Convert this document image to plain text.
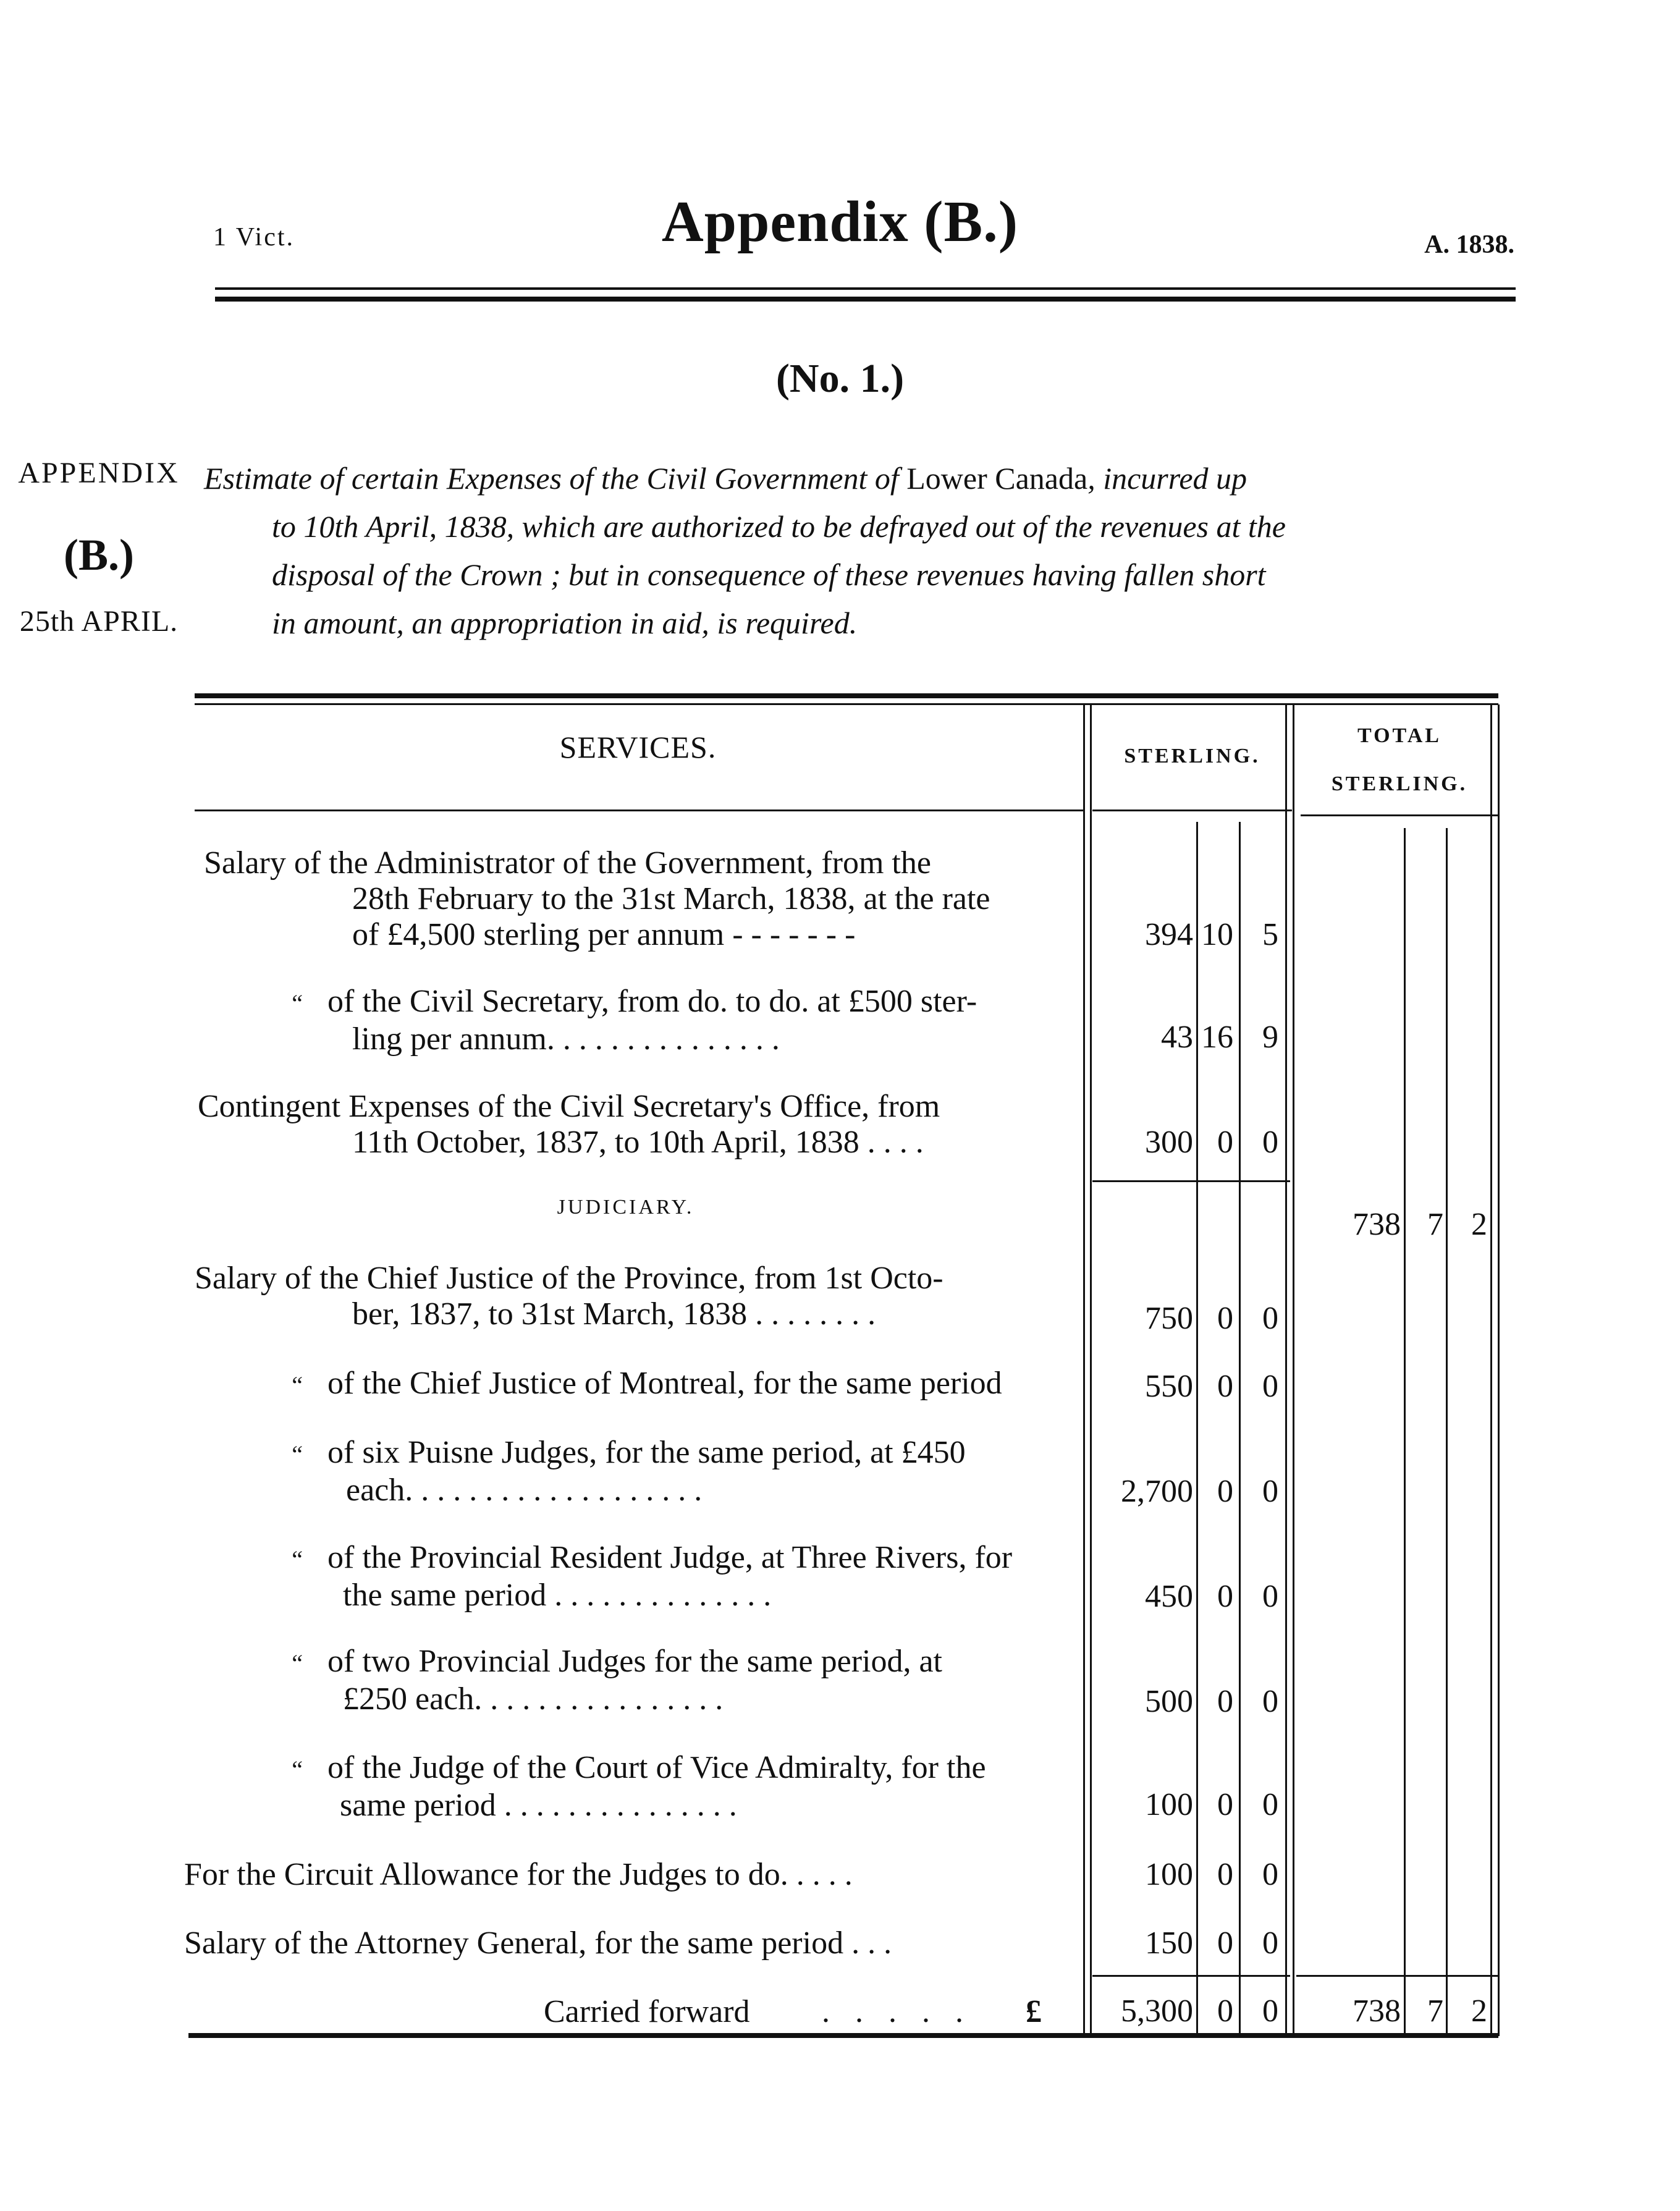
1 Vict.	Appendix (B.)	A. 1838.
(No. 1.)
APPENDIX
(B.)
25th APRIL.
Estimate of certain Expenses of the Civil Government of Lower Canada, incurred up
to 10th April, 1838, which are authorized to be defrayed out of the revenues at the
disposal of the Crown ; but in consequence of these revenues having fallen short
in amount, an appropriation in aid, is required.
SERVICES.	STERLING.
TOTAL
STERLING.
Salary of the Administrator of the Government, from the
28th February to the 31st March, 1838, at the rate
of £4,500 sterling per annum - - - - - - -	394 10 5
“ of the Civil Secretary, from do. to do. at £500 ster-
ling per annum. . . . . . . . . . . . . . .	43 16 9
Contingent Expenses of the Civil Secretary's Office, from
11th October, 1837, to 10th April, 1838 . . . .	300 0 0
JUDICIARY.	738 7 2
Salary of the Chief Justice of the Province, from 1st Octo-
ber, 1837, to 31st March, 1838 . . . . . . . .	750 0 0
“ of the Chief Justice of Montreal, for the same period	550 0 0
“ of six Puisne Judges, for the same period, at £450
each. . . . . . . . . . . . . . . . . . .	2,700 0 0
“ of the Provincial Resident Judge, at Three Rivers, for
the same period . . . . . . . . . . . . . .	450 0 0
“ of two Provincial Judges for the same period, at
£250 each. . . . . . . . . . . . . . . .	500 0 0
“ of the Judge of the Court of Vice Admiralty, for the
same period . . . . . . . . . . . . . . .	100 0 0
For the Circuit Allowance for the Judges to do. . . . .	100 0 0
Salary of the Attorney General, for the same period . . .	150 0 0
Carried forward . . . . . £	5,300 0 0	738 7 2
